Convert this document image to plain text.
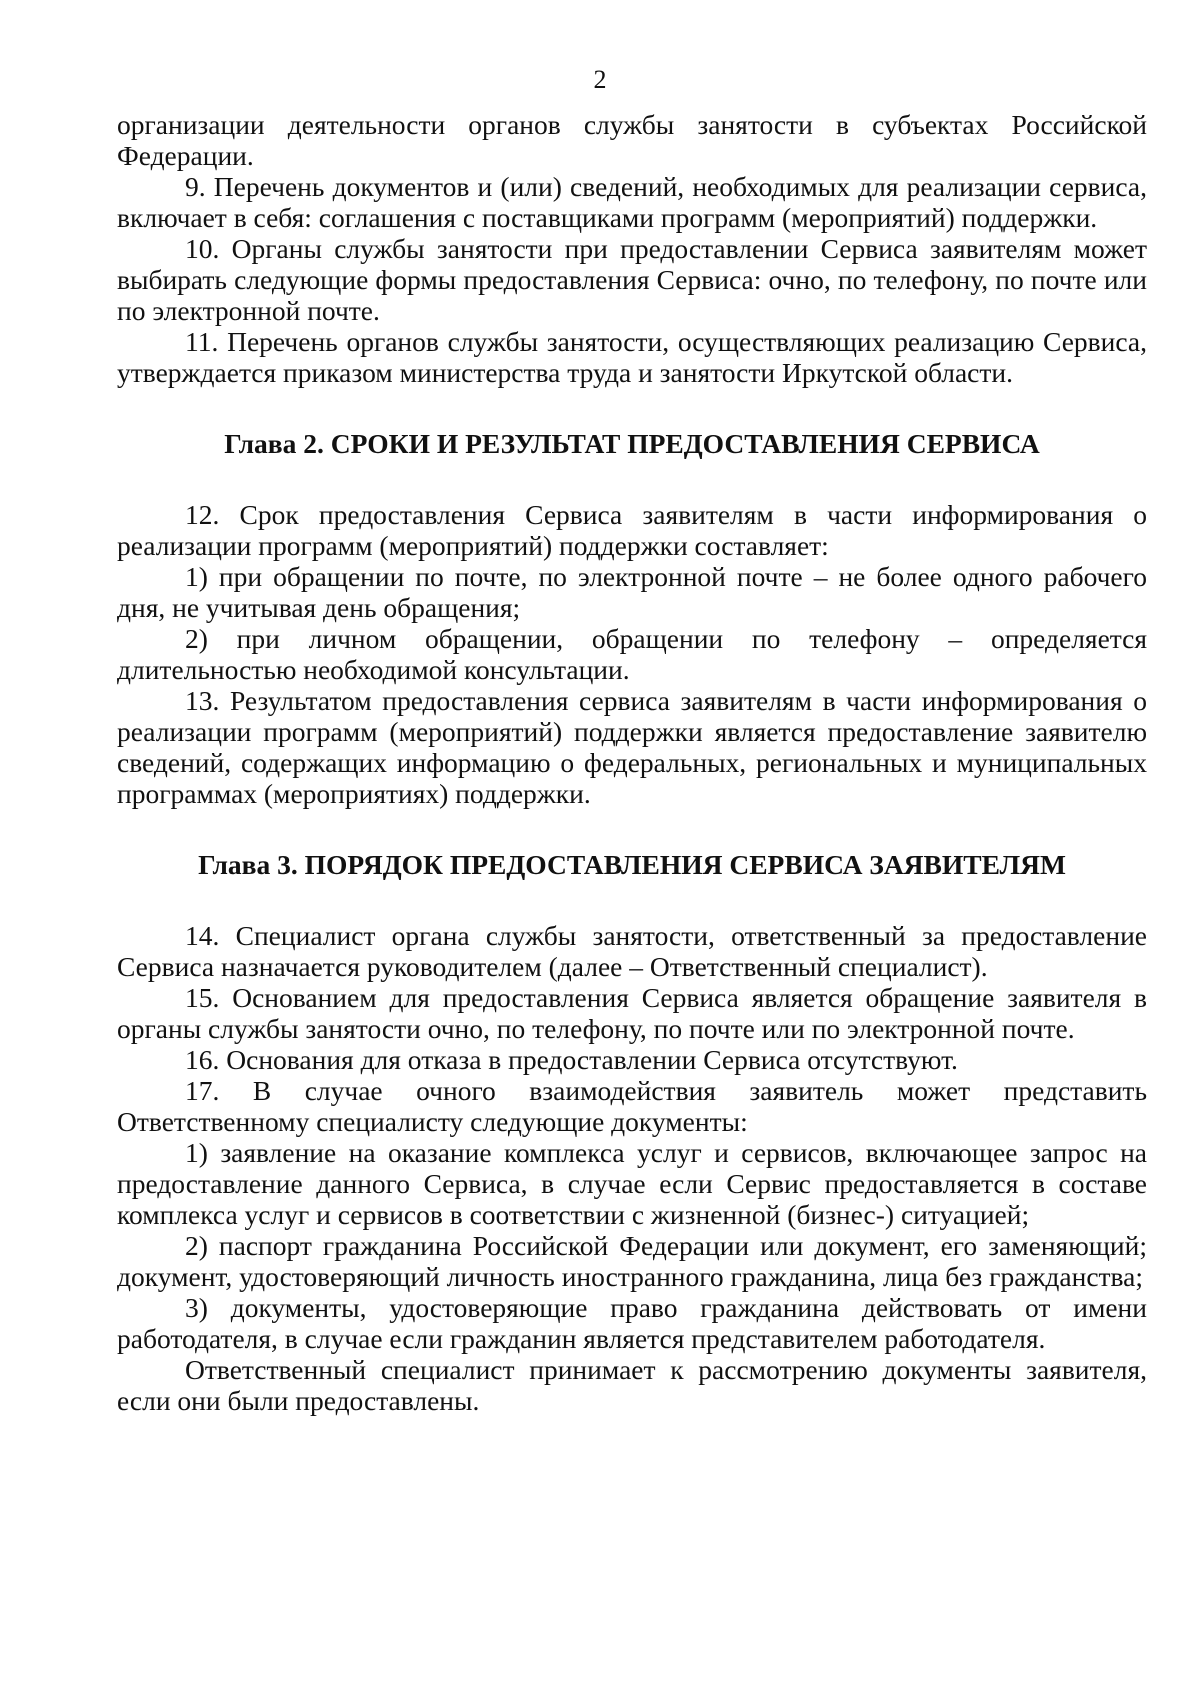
2

организации деятельности органов службы занятости в субъектах Российской Федерации.

9. Перечень документов и (или) сведений, необходимых для реализации сервиса, включает в себя: соглашения с поставщиками программ (мероприятий) поддержки.

10. Органы службы занятости при предоставлении Сервиса заявителям может выбирать следующие формы предоставления Сервиса: очно, по телефону, по почте или по электронной почте.

11. Перечень органов службы занятости, осуществляющих реализацию Сервиса, утверждается приказом министерства труда и занятости Иркутской области.

Глава 2. СРОКИ И РЕЗУЛЬТАТ ПРЕДОСТАВЛЕНИЯ СЕРВИСА

12. Срок предоставления Сервиса заявителям в части информирования о реализации программ (мероприятий) поддержки составляет:

1) при обращении по почте, по электронной почте – не более одного рабочего дня, не учитывая день обращения;

2) при личном обращении, обращении по телефону – определяется длительностью необходимой консультации.

13. Результатом предоставления сервиса заявителям в части информирования о реализации программ (мероприятий) поддержки является предоставление заявителю сведений, содержащих информацию о федеральных, региональных и муниципальных программах (мероприятиях) поддержки.

Глава 3. ПОРЯДОК ПРЕДОСТАВЛЕНИЯ СЕРВИСА ЗАЯВИТЕЛЯМ

14. Специалист органа службы занятости, ответственный за предоставление Сервиса назначается руководителем (далее – Ответственный специалист).

15. Основанием для предоставления Сервиса является обращение заявителя в органы службы занятости очно, по телефону, по почте или по электронной почте.

16. Основания для отказа в предоставлении Сервиса отсутствуют.

17. В случае очного взаимодействия заявитель может представить Ответственному специалисту следующие документы:

1) заявление на оказание комплекса услуг и сервисов, включающее запрос на предоставление данного Сервиса, в случае если Сервис предоставляется в составе комплекса услуг и сервисов в соответствии с жизненной (бизнес-) ситуацией;

2) паспорт гражданина Российской Федерации или документ, его заменяющий; документ, удостоверяющий личность иностранного гражданина, лица без гражданства;

3) документы, удостоверяющие право гражданина действовать от имени работодателя, в случае если гражданин является представителем работодателя.

Ответственный специалист принимает к рассмотрению документы заявителя, если они были предоставлены.
